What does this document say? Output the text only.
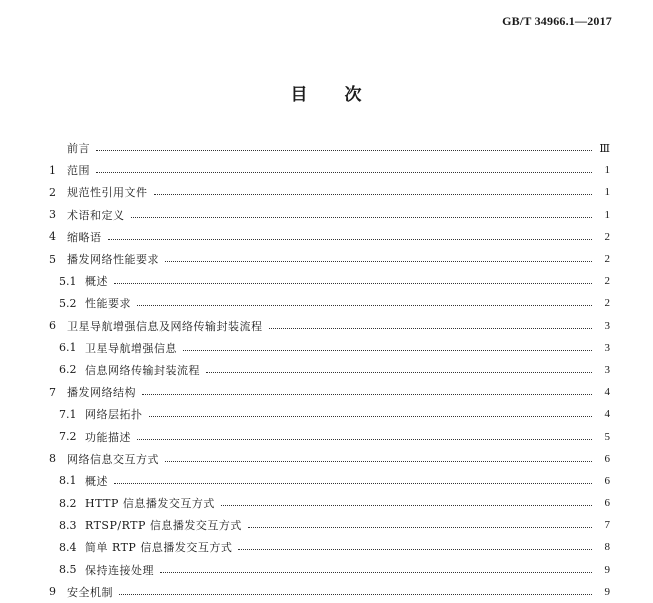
GB/T 34966.1—2017
目　　次
前言	Ⅲ
1	范围	1
2	规范性引用文件	1
3	术语和定义	1
4	缩略语	2
5	播发网络性能要求	2
5.1 概述	2
5.2 性能要求	2
6	卫星导航增强信息及网络传输封装流程	3
6.1 卫星导航增强信息	3
6.2 信息网络传输封装流程	3
7	播发网络结构	4
7.1 网络层拓扑	4
7.2 功能描述	5
8	网络信息交互方式	6
8.1 概述	6
8.2 HTTP 信息播发交互方式	6
8.3 RTSP/RTP 信息播发交互方式	7
8.4 简单 RTP 信息播发交互方式	8
8.5 保持连接处理	9
9	安全机制	9
